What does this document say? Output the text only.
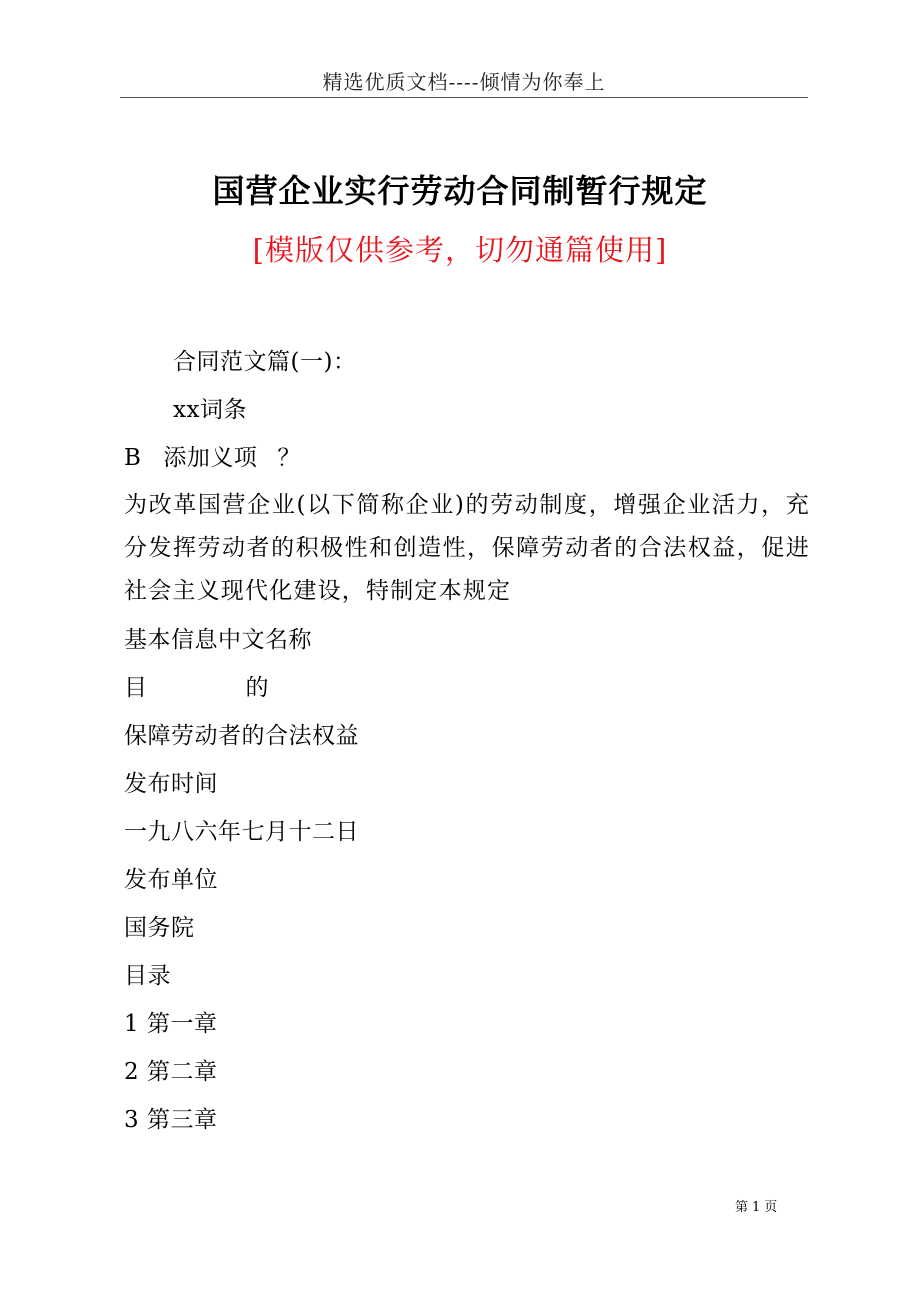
精选优质文档----倾情为你奉上
国营企业实行劳动合同制暂行规定
[模版仅供参考，切勿通篇使用]
合同范文篇(一)：
xx词条
B 添加义项 ？
为改革国营企业(以下简称企业)的劳动制度，增强企业活力，充分发挥劳动者的积极性和创造性，保障劳动者的合法权益，促进社会主义现代化建设，特制定本规定
基本信息中文名称
目	的
保障劳动者的合法权益
发布时间
一九八六年七月十二日
发布单位
国务院
目录
1 第一章
2 第二章
3 第三章
第 1 页
